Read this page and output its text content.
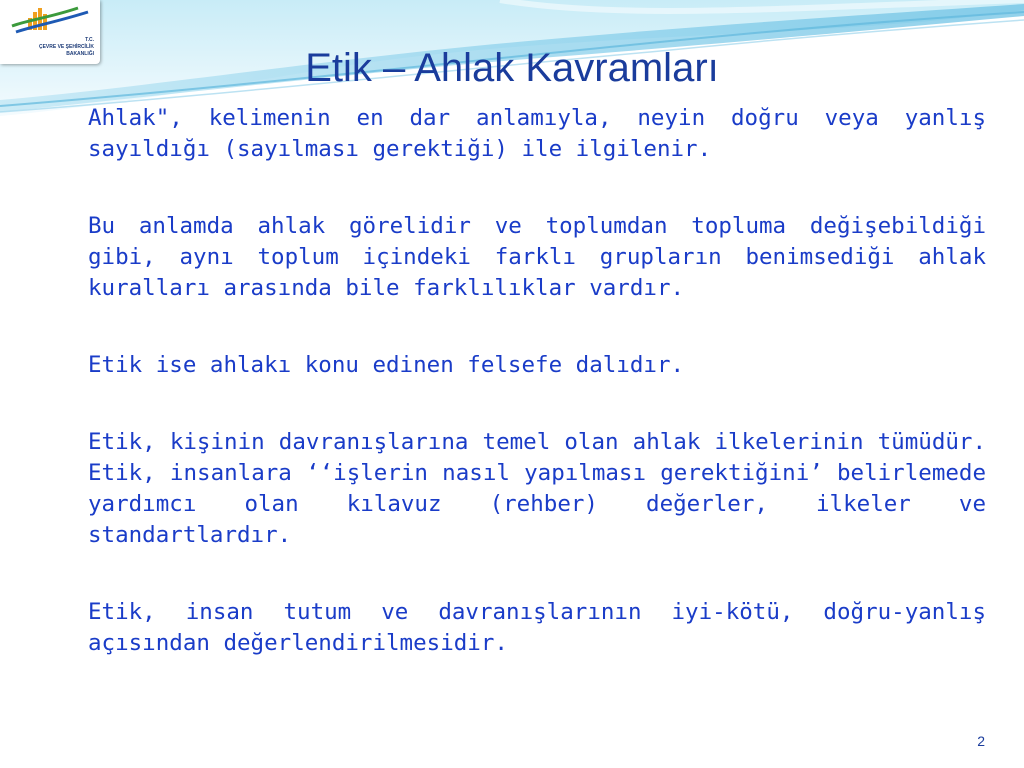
T.C.
ÇEVRE VE ŞEHİRCİLİK
BAKANLIĞI	Etik – Ahlak Kavramları

Ahlak", kelimenin en dar anlamıyla, neyin doğru veya yanlış sayıldığı (sayılması gerektiği) ile ilgilenir.

Bu anlamda ahlak görelidir ve toplumdan topluma değişebildiği gibi, aynı toplum içindeki farklı grupların benimsediği ahlak kuralları arasında bile farklılıklar vardır.

Etik ise ahlakı konu edinen felsefe dalıdır.

Etik, kişinin davranışlarına temel olan ahlak ilkelerinin tümüdür. Etik, insanlara ‘‘işlerin nasıl yapılması gerektiğini’ belirlemede yardımcı olan kılavuz (rehber) değerler, ilkeler ve standartlardır.

Etik, insan tutum ve davranışlarının iyi-kötü, doğru-yanlış açısından değerlendirilmesidir.

2
